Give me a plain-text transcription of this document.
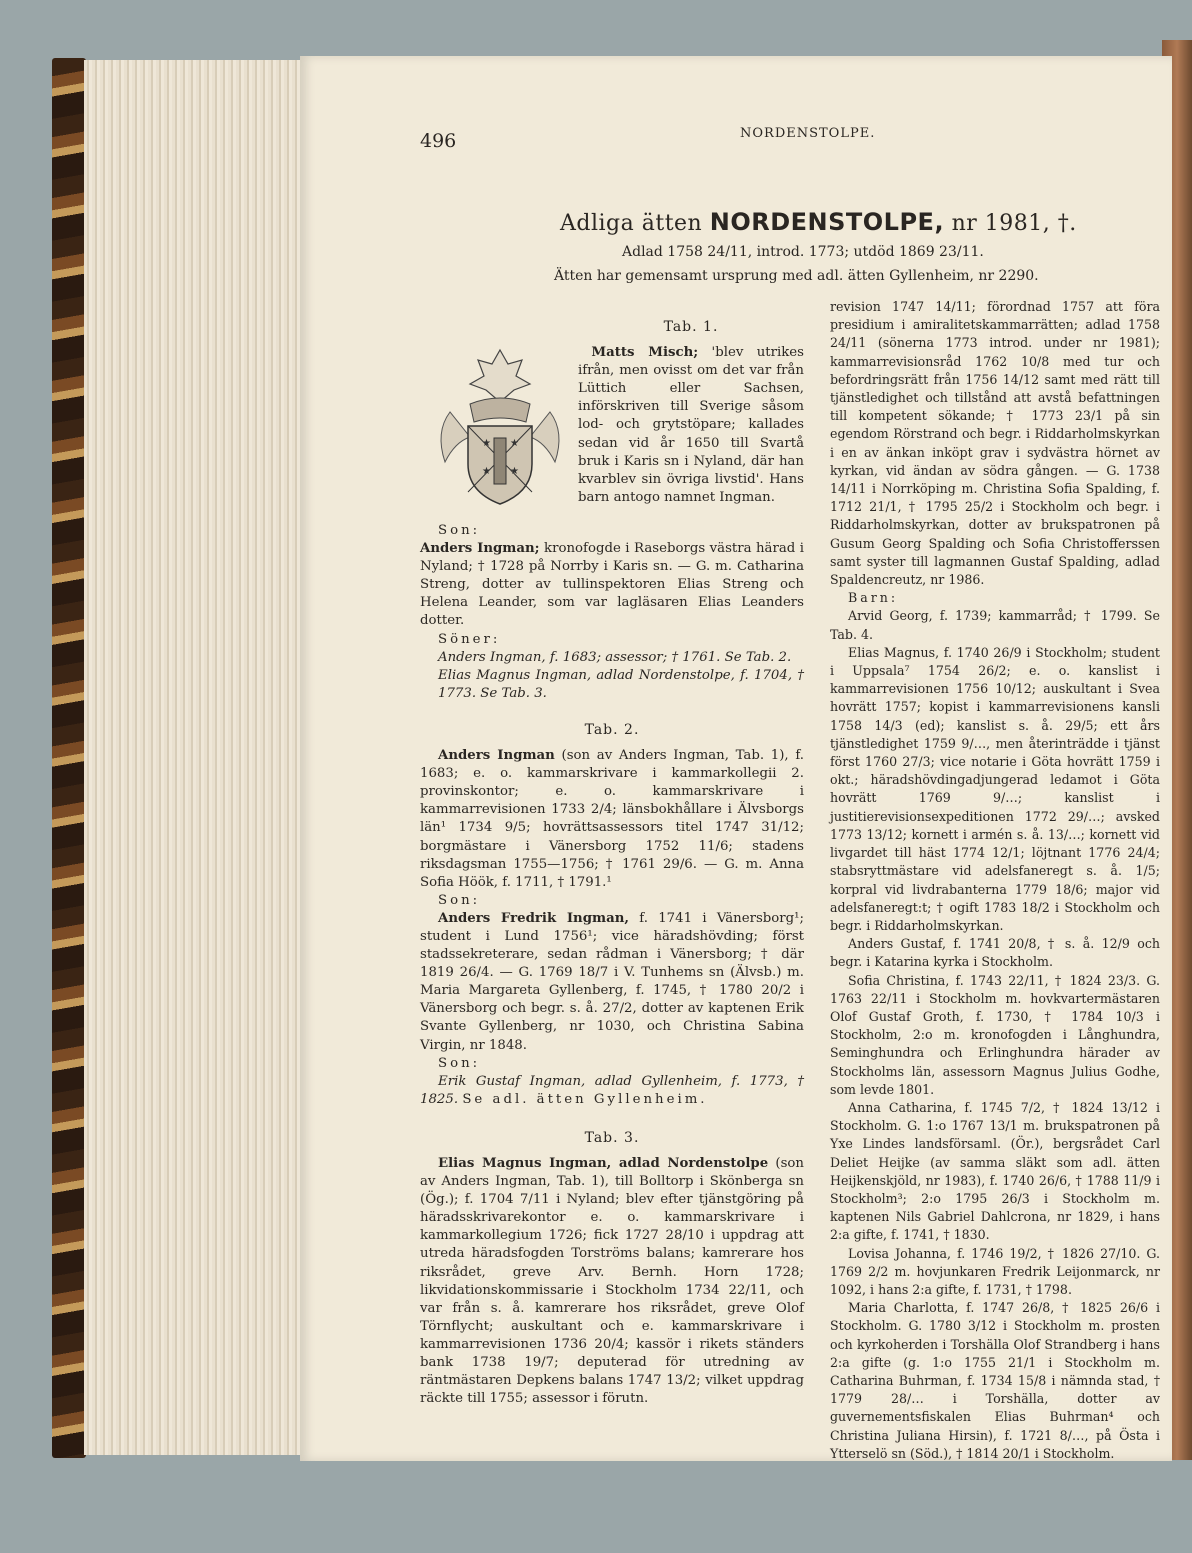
496	NORDENSTOLPE.
Adliga ätten NORDENSTOLPE, nr 1981, †.
Adlad 1758 24/11, introd. 1773; utdöd 1869 23/11.
Ätten har gemensamt ursprung med adl. ätten Gyllenheim, nr 2290.
★ ★
★ ★

Tab. 1.

Matts Misch; 'blev utrikes ifrån, men ovisst om det var från Lüttich eller Sachsen, införskriven till Sverige såsom lod- och grytstöpare; kallades sedan vid år 1650 till Svartå bruk i Karis sn i Nyland, där han kvarblev sin övriga livstid'. Hans barn antogo namnet Ingman.

Son:

Anders Ingman; kronofogde i Raseborgs västra härad i Nyland; † 1728 på Norrby i Karis sn. — G. m. Catharina Streng, dotter av tullinspektoren Elias Streng och Helena Leander, som var lagläsaren Elias Leanders dotter.

Söner:

Anders Ingman, f. 1683; assessor; † 1761. Se Tab. 2.

Elias Magnus Ingman, adlad Nordenstolpe, f. 1704, † 1773. Se Tab. 3.

Tab. 2.

Anders Ingman (son av Anders Ingman, Tab. 1), f. 1683; e. o. kammarskrivare i kammarkollegii 2. provinskontor; e. o. kammarskrivare i kammarrevisionen 1733 2/4; länsbokhållare i Älvsborgs län¹ 1734 9/5; hovrättsassessors titel 1747 31/12; borgmästare i Vänersborg 1752 11/6; stadens riksdagsman 1755—1756; † 1761 29/6. — G. m. Anna Sofia Höök, f. 1711, † 1791.¹

Son:

Anders Fredrik Ingman, f. 1741 i Vänersborg¹; student i Lund 1756¹; vice häradshövding; först stadssekreterare, sedan rådman i Vänersborg; † där 1819 26/4. — G. 1769 18/7 i V. Tunhems sn (Älvsb.) m. Maria Margareta Gyllenberg, f. 1745, † 1780 20/2 i Vänersborg och begr. s. å. 27/2, dotter av kaptenen Erik Svante Gyllenberg, nr 1030, och Christina Sabina Virgin, nr 1848.

Son:

Erik Gustaf Ingman, adlad Gyllenheim, f. 1773, † 1825. Se adl. ätten Gyllenheim.

Tab. 3.

Elias Magnus Ingman, adlad Nordenstolpe (son av Anders Ingman, Tab. 1), till Bolltorp i Skönberga sn (Ög.); f. 1704 7/11 i Nyland; blev efter tjänstgöring på häradsskrivarekontor e. o. kammarskrivare i kammarkollegium 1726; fick 1727 28/10 i uppdrag att utreda häradsfogden Torströms balans; kamrerare hos riksrådet, greve Arv. Bernh. Horn 1728; likvidationskommissarie i Stockholm 1734 22/11, och var från s. å. kamrerare hos riksrådet, greve Olof Törnflycht; auskultant och e. kammarskrivare i kammarrevisionen 1736 20/4; kassör i rikets ständers bank 1738 19/7; deputerad för utredning av räntmästaren Depkens balans 1747 13/2; vilket uppdrag räckte till 1755; assessor i förutn.

revision 1747 14/11; förordnad 1757 att föra presidium i amiralitetskammarrätten; adlad 1758 24/11 (sönerna 1773 introd. under nr 1981); kammarrevisionsråd 1762 10/8 med tur och befordringsrätt från 1756 14/12 samt med rätt till tjänstledighet och tillstånd att avstå befattningen till kompetent sökande; † 1773 23/1 på sin egendom Rörstrand och begr. i Riddarholmskyrkan i en av änkan inköpt grav i sydvästra hörnet av kyrkan, vid ändan av södra gången. — G. 1738 14/11 i Norrköping m. Christina Sofia Spalding, f. 1712 21/1, † 1795 25/2 i Stockholm och begr. i Riddarholmskyrkan, dotter av brukspatronen på Gusum Georg Spalding och Sofia Christofferssen samt syster till lagmannen Gustaf Spalding, adlad Spaldencreutz, nr 1986.

Barn:

Arvid Georg, f. 1739; kammarråd; † 1799. Se Tab. 4.

Elias Magnus, f. 1740 26/9 i Stockholm; student i Uppsala⁷ 1754 26/2; e. o. kanslist i kammarrevisionen 1756 10/12; auskultant i Svea hovrätt 1757; kopist i kammarrevisionens kansli 1758 14/3 (ed); kanslist s. å. 29/5; ett års tjänstledighet 1759 9/…, men återinträdde i tjänst först 1760 27/3; vice notarie i Göta hovrätt 1759 i okt.; häradshövdingadjungerad ledamot i Göta hovrätt 1769 9/…; kanslist i justitierevisionsexpeditionen 1772 29/…; avsked 1773 13/12; kornett i armén s. å. 13/…; kornett vid livgardet till häst 1774 12/1; löjtnant 1776 24/4; stabsryttmästare vid adelsfaneregt s. å. 1/5; korpral vid livdrabanterna 1779 18/6; major vid adelsfaneregt:t; † ogift 1783 18/2 i Stockholm och begr. i Riddarholmskyrkan.

Anders Gustaf, f. 1741 20/8, † s. å. 12/9 och begr. i Katarina kyrka i Stockholm.

Sofia Christina, f. 1743 22/11, † 1824 23/3. G. 1763 22/11 i Stockholm m. hovkvartermästaren Olof Gustaf Groth, f. 1730, † 1784 10/3 i Stockholm, 2:o m. kronofogden i Långhundra, Seminghundra och Erlinghundra härader av Stockholms län, assessorn Magnus Julius Godhe, som levde 1801.

Anna Catharina, f. 1745 7/2, † 1824 13/12 i Stockholm. G. 1:o 1767 13/1 m. brukspatronen på Yxe Lindes landsförsaml. (Ör.), bergsrådet Carl Deliet Heijke (av samma släkt som adl. ätten Heijkenskjöld, nr 1983), f. 1740 26/6, † 1788 11/9 i Stockholm³; 2:o 1795 26/3 i Stockholm m. kaptenen Nils Gabriel Dahlcrona, nr 1829, i hans 2:a gifte, f. 1741, † 1830.

Lovisa Johanna, f. 1746 19/2, † 1826 27/10. G. 1769 2/2 m. hovjunkaren Fredrik Leijonmarck, nr 1092, i hans 2:a gifte, f. 1731, † 1798.

Maria Charlotta, f. 1747 26/8, † 1825 26/6 i Stockholm. G. 1780 3/12 i Stockholm m. prosten och kyrkoherden i Torshälla Olof Strandberg i hans 2:a gifte (g. 1:o 1755 21/1 i Stockholm m. Catharina Buhrman, f. 1734 15/8 i nämnda stad, † 1779 28/… i Torshälla, dotter av guvernementsfiskalen Elias Buhrman⁴ och Christina Juliana Hirsin), f. 1721 8/…, på Östa i Ytterselö sn (Söd.), † 1814 20/1 i Stockholm.
